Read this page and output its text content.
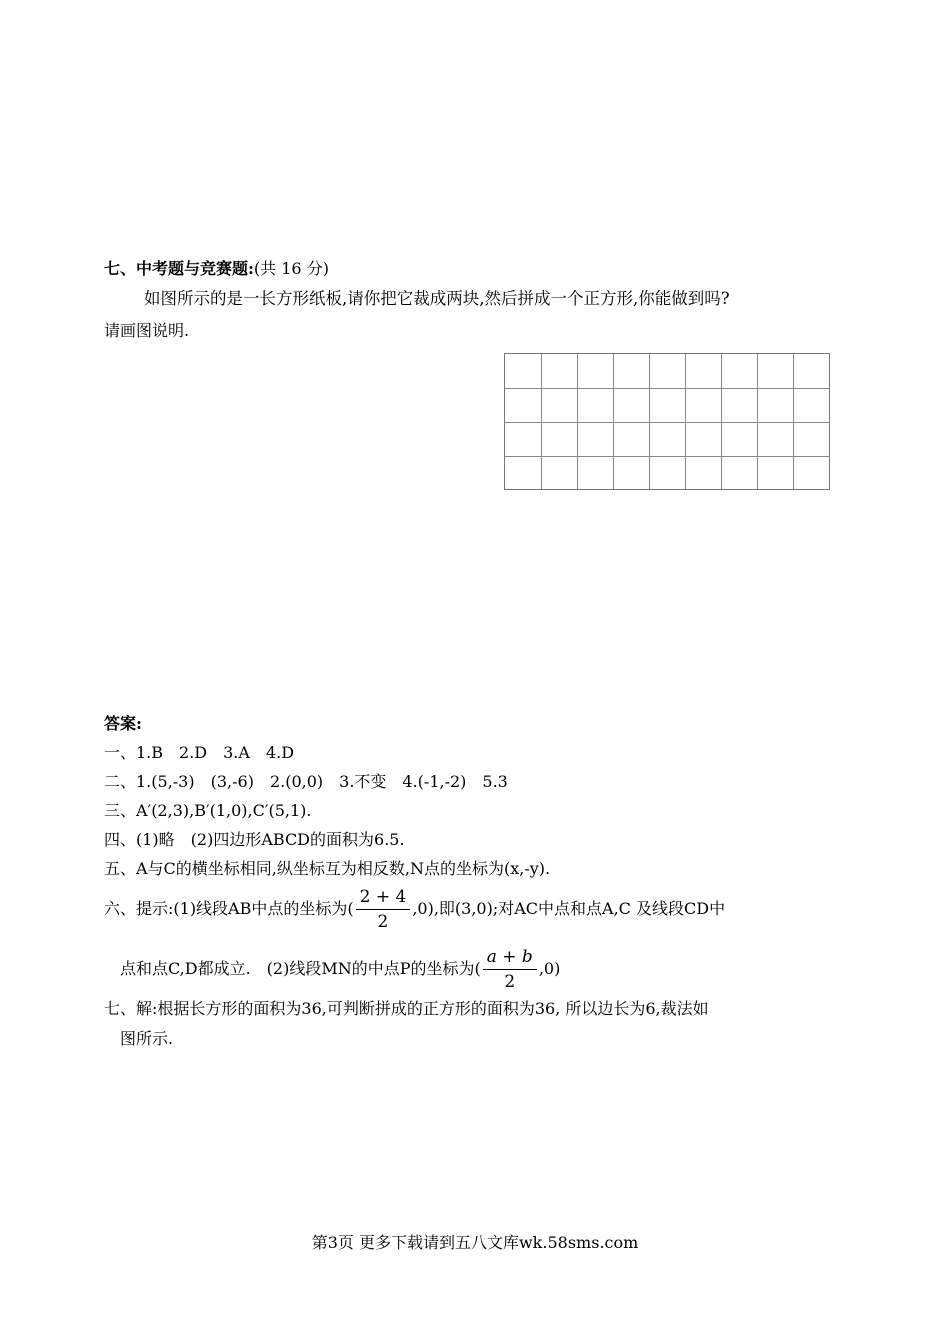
七、中考题与竞赛题:(共 16 分)
如图所示的是一长方形纸板,请你把它裁成两块,然后拼成一个正方形,你能做到吗?
请画图说明.
答案:
一、1.B　2.D　3.A　4.D
二、1.(5,-3)　(3,-6)　2.(0,0)　3.不变　4.(-1,-2)　5.3
三、A′(2,3),B′(1,0),C′(5,1).
四、(1)略　(2)四边形ABCD的面积为6.5.
五、A与C的横坐标相同,纵坐标互为相反数,N点的坐标为(x,-y).
六、提示:(1)线段AB中点的坐标为( $\frac{2 + 4}{2} ,0$),即(3,0);对AC中点和点A,C 及线段CD中
点和点C,D都成立.　(2)线段MN的中点P的坐标为( $\frac{a + b}{2} ,0$)
七、解:根据长方形的面积为36,可判断拼成的正方形的面积为36, 所以边长为6,裁法如
图所示.
第3页 更多下载请到五八文库wk.58sms.com
